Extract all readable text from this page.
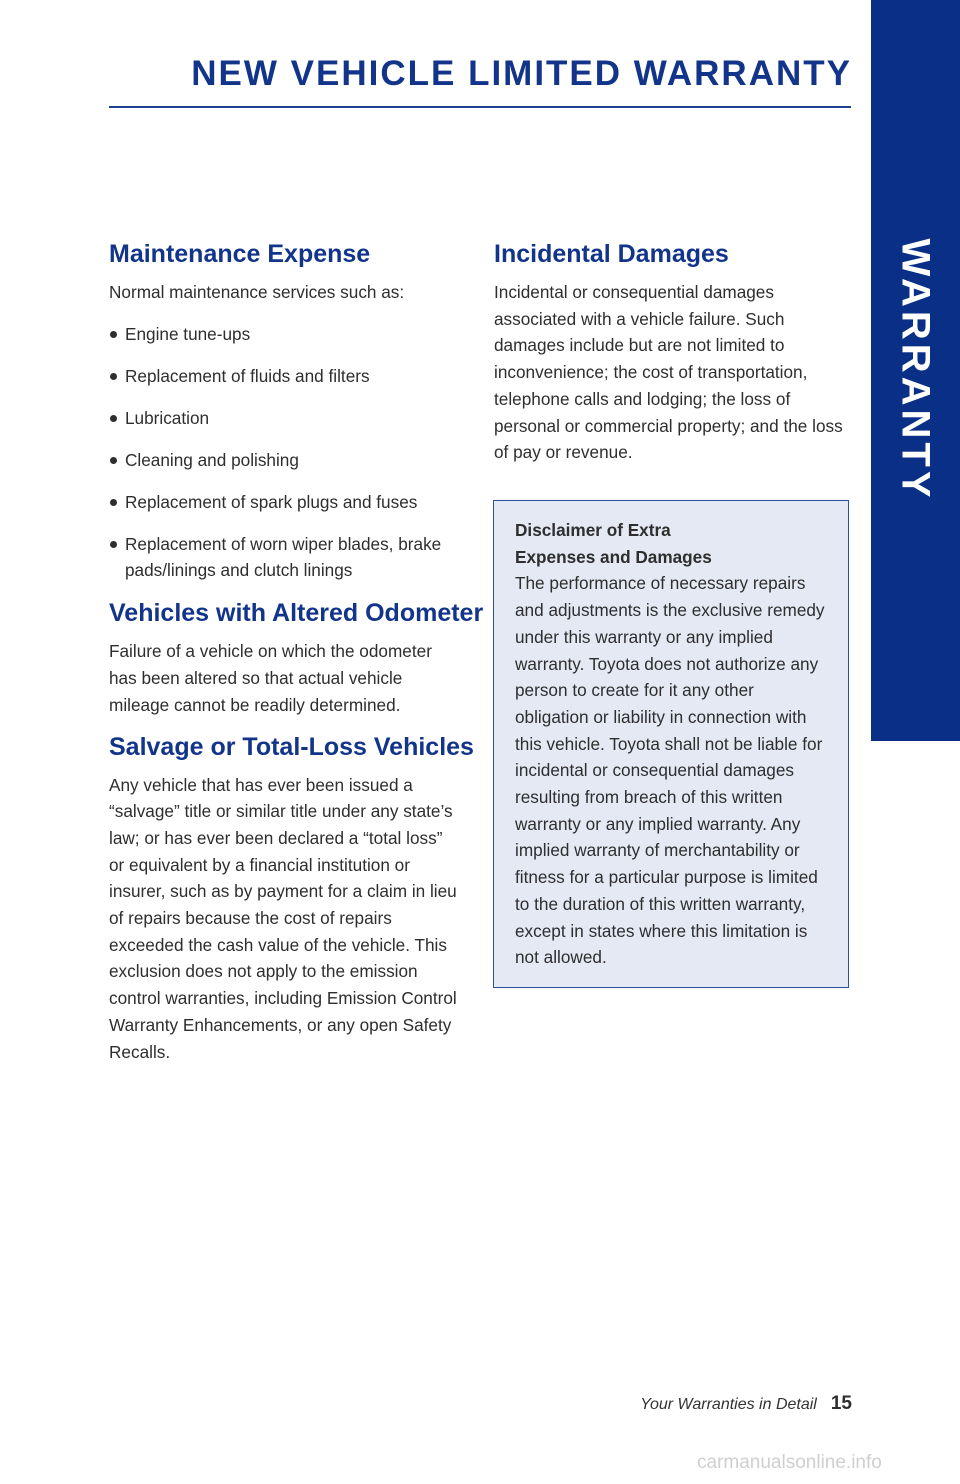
WARRANTY
NEW VEHICLE LIMITED WARRANTY
Maintenance Expense

Normal maintenance services such as:

Engine tune-ups
Replacement of fluids and filters
Lubrication
Cleaning and polishing
Replacement of spark plugs and fuses
Replacement of worn wiper blades, brake pads/linings and clutch linings
Vehicles with Altered Odometer

Failure of a vehicle on which the odometer has been altered so that actual vehicle mileage cannot be readily determined.

Salvage or Total-Loss Vehicles

Any vehicle that has ever been issued a “salvage” title or similar title under any state’s law; or has ever been declared a “total loss” or equivalent by a financial institution or insurer, such as by payment for a claim in lieu of repairs because the cost of repairs exceeded the cash value of the vehicle. This exclusion does not apply to the emission control warranties, including Emission Control Warranty Enhancements, or any open Safety Recalls.

Incidental Damages

Incidental or consequential damages associated with a vehicle failure. Such damages include but are not limited to inconvenience; the cost of transportation, telephone calls and lodging; the loss of personal or commercial property; and the loss of pay or revenue.

Disclaimer of Extra Expenses and Damages

The performance of necessary repairs and adjustments is the exclusive remedy under this warranty or any implied warranty. Toyota does not authorize any person to create for it any other obligation or liability in connection with this vehicle. Toyota shall not be liable for incidental or consequential damages resulting from breach of this written warranty or any implied warranty. Any implied warranty of merchantability or fitness for a particular purpose is limited to the duration of this written warranty, except in states where this limitation is not allowed.

Your Warranties in Detail 15
carmanualsonline.info
